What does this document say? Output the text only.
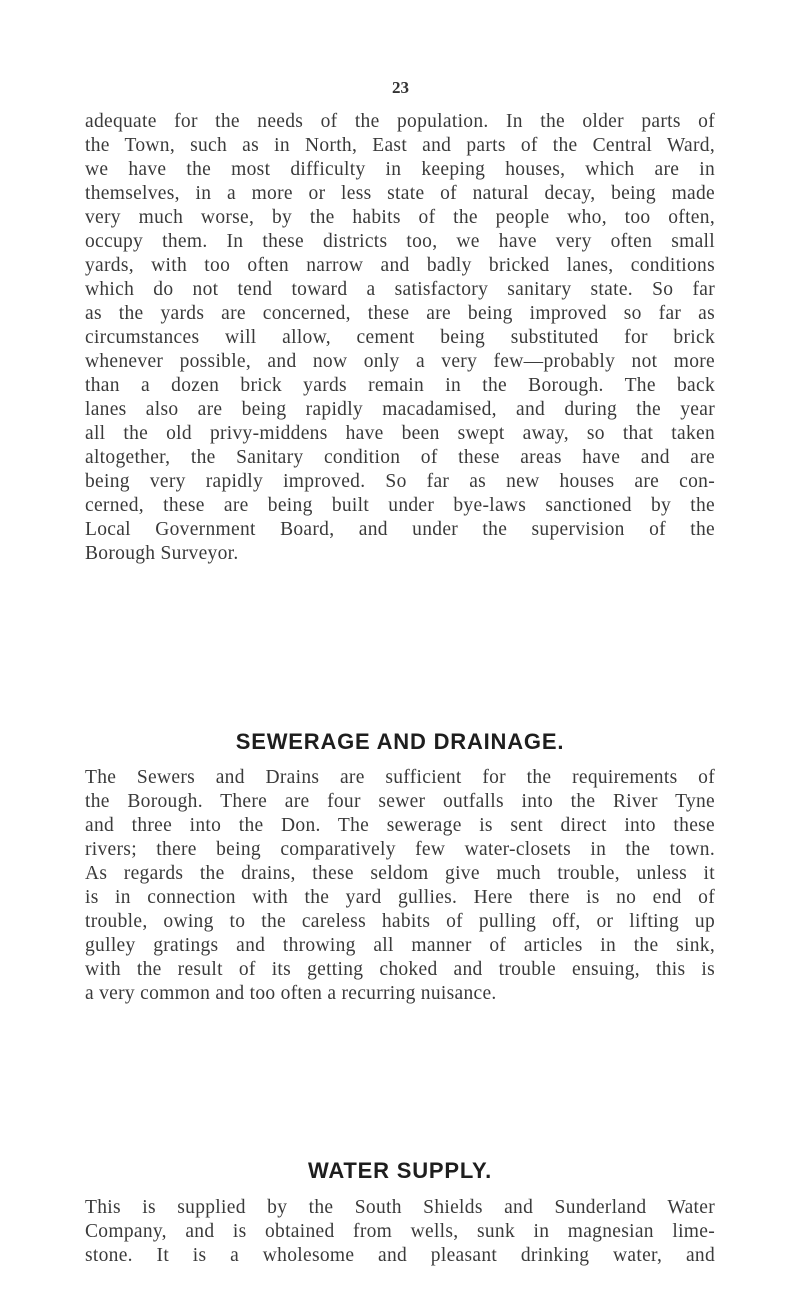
23
adequate for the needs of the population. In the older parts of
the Town, such as in North, East and parts of the Central Ward,
we have the most difficulty in keeping houses, which are in
themselves, in a more or less state of natural decay, being made
very much worse, by the habits of the people who, too often,
occupy them. In these districts too, we have very often small
yards, with too often narrow and badly bricked lanes, conditions
which do not tend toward a satisfactory sanitary state. So far
as the yards are concerned, these are being improved so far as
circumstances will allow, cement being substituted for brick
whenever possible, and now only a very few—probably not more
than a dozen brick yards remain in the Borough. The back
lanes also are being rapidly macadamised, and during the year
all the old privy-middens have been swept away, so that taken
altogether, the Sanitary condition of these areas have and are
being very rapidly improved. So far as new houses are con-
cerned, these are being built under bye-laws sanctioned by the
Local Government Board, and under the supervision of the
Borough Surveyor.
SEWERAGE AND DRAINAGE.
The Sewers and Drains are sufficient for the requirements of
the Borough. There are four sewer outfalls into the River Tyne
and three into the Don. The sewerage is sent direct into these
rivers; there being comparatively few water-closets in the town.
As regards the drains, these seldom give much trouble, unless it
is in connection with the yard gullies. Here there is no end of
trouble, owing to the careless habits of pulling off, or lifting up
gulley gratings and throwing all manner of articles in the sink,
with the result of its getting choked and trouble ensuing, this is
a very common and too often a recurring nuisance.
WATER SUPPLY.
This is supplied by the South Shields and Sunderland Water
Company, and is obtained from wells, sunk in magnesian lime-
stone. It is a wholesome and pleasant drinking water, and
